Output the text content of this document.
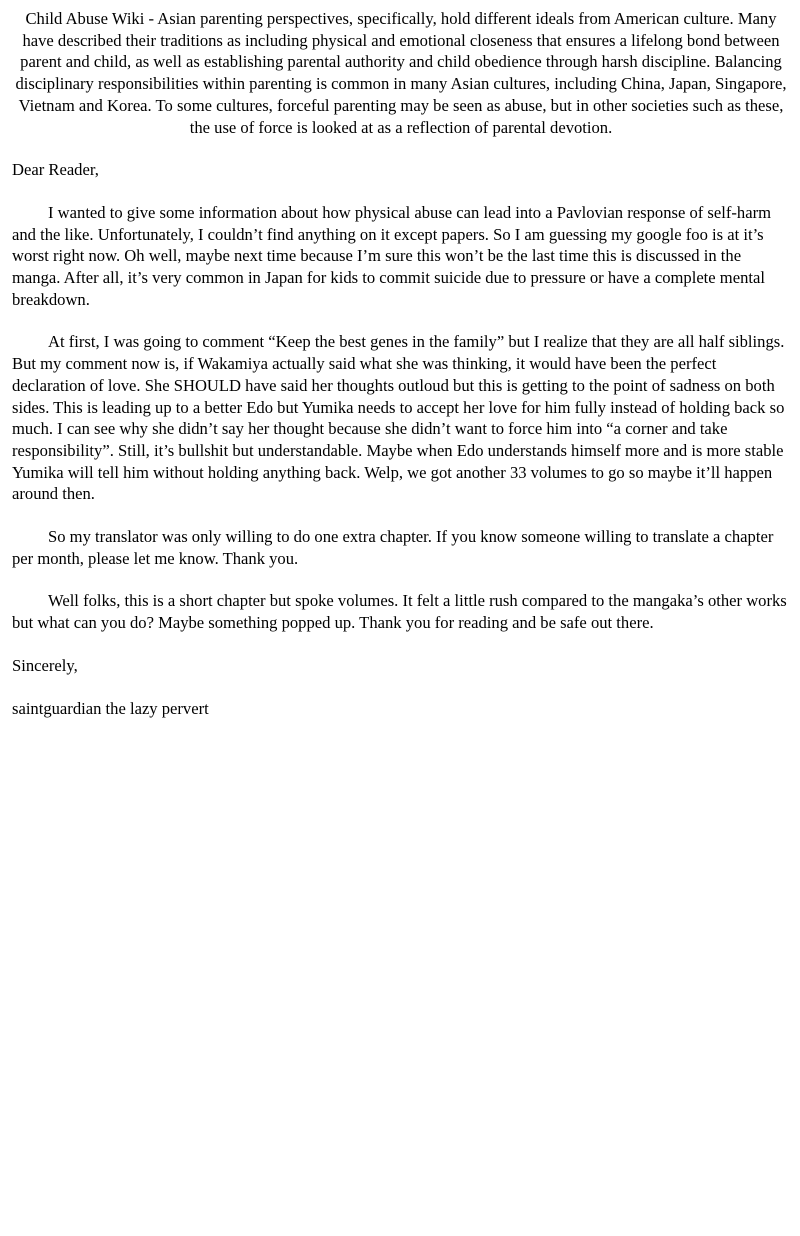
Child Abuse Wiki - Asian parenting perspectives, specifically, hold different ideals from American culture. Many have described their traditions as including physical and emotional closeness that ensures a lifelong bond between parent and child, as well as establishing parental authority and child obedience through harsh discipline. Balancing disciplinary responsibilities within parenting is common in many Asian cultures, including China, Japan, Singapore, Vietnam and Korea. To some cultures, forceful parenting may be seen as abuse, but in other societies such as these, the use of force is looked at as a reflection of parental devotion.

Dear Reader,

I wanted to give some information about how physical abuse can lead into a Pavlovian response of self-harm and the like. Unfortunately, I couldn’t find anything on it except papers. So I am guessing my google foo is at it’s worst right now. Oh well, maybe next time because I’m sure this won’t be the last time this is discussed in the manga. After all, it’s very common in Japan for kids to commit suicide due to pressure or have a complete mental breakdown.

At first, I was going to comment “Keep the best genes in the family” but I realize that they are all half siblings. But my comment now is, if Wakamiya actually said what she was thinking, it would have been the perfect declaration of love. She SHOULD have said her thoughts outloud but this is getting to the point of sadness on both sides. This is leading up to a better Edo but Yumika needs to accept her love for him fully instead of holding back so much. I can see why she didn’t say her thought because she didn’t want to force him into “a corner and take responsibility”. Still, it’s bullshit but understandable. Maybe when Edo understands himself more and is more stable Yumika will tell him without holding anything back. Welp, we got another 33 volumes to go so maybe it’ll happen around then.

So my translator was only willing to do one extra chapter. If you know someone willing to translate a chapter per month, please let me know. Thank you.

Well folks, this is a short chapter but spoke volumes. It felt a little rush compared to the mangaka’s other works but what can you do? Maybe something popped up. Thank you for reading and be safe out there.

Sincerely,

saintguardian the lazy pervert
